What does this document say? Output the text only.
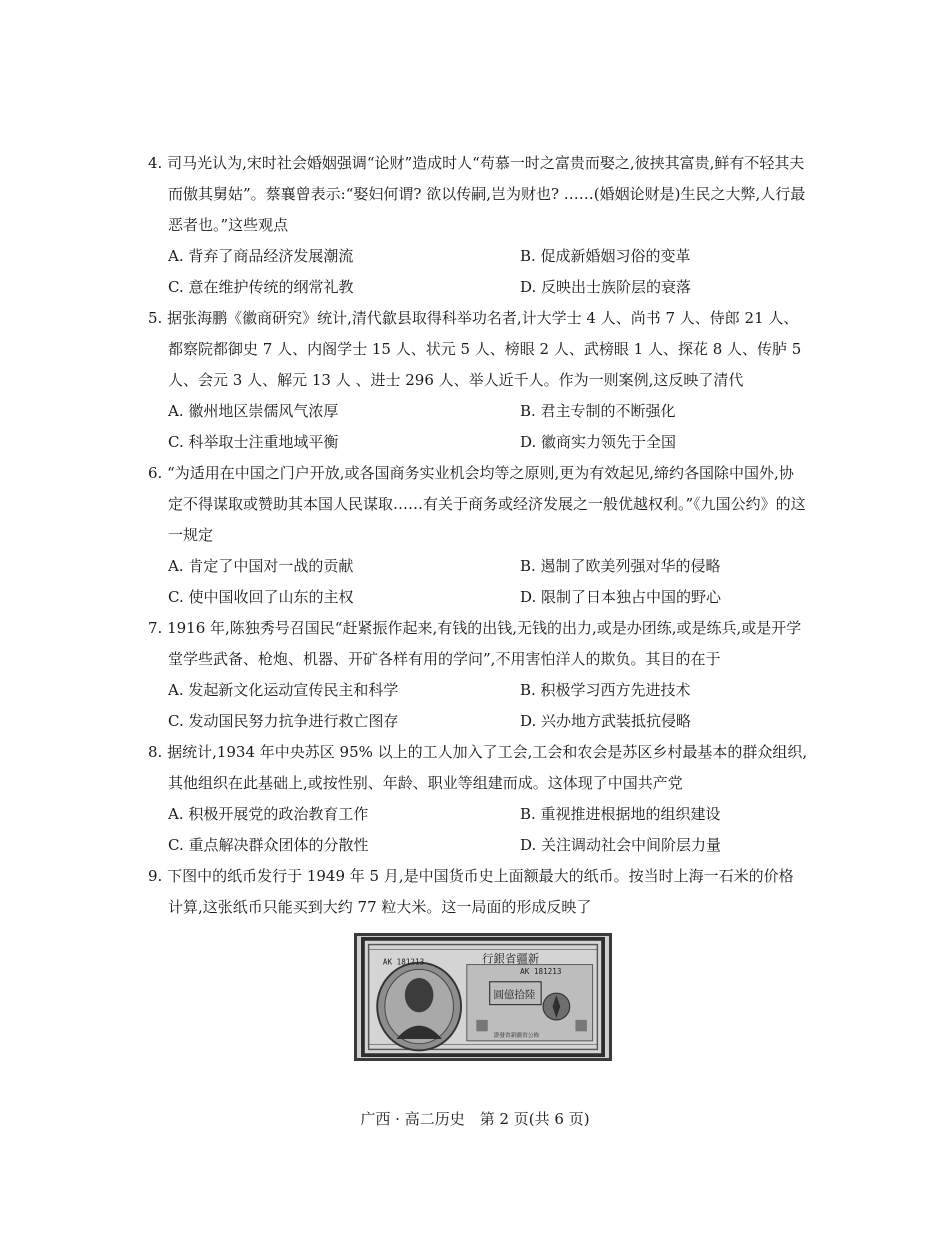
4. 司马光认为,宋时社会婚姻强调“论财”造成时人“苟慕一时之富贵而娶之,彼挟其富贵,鲜有不轻其夫而傲其舅姑”。蔡襄曾表示:“娶妇何谓? 欲以传嗣,岂为财也? ……(婚姻论财是)生民之大弊,人行最恶者也。”这些观点

A. 背弃了商品经济发展潮流	B. 促成新婚姻习俗的变革
C. 意在维护传统的纲常礼教	D. 反映出士族阶层的衰落

5. 据张海鹏《徽商研究》统计,清代歙县取得科举功名者,计大学士 4 人、尚书 7 人、侍郎 21 人、都察院都御史 7 人、内阁学士 15 人、状元 5 人、榜眼 2 人、武榜眼 1 人、探花 8 人、传胪 5 人、会元 3 人、解元 13 人 、进士 296 人、举人近千人。作为一则案例,这反映了清代

A. 徽州地区崇儒风气浓厚	B. 君主专制的不断强化
C. 科举取士注重地域平衡	D. 徽商实力领先于全国

6. “为适用在中国之门户开放,或各国商务实业机会均等之原则,更为有效起见,缔约各国除中国外,协定不得谋取或赞助其本国人民谋取……有关于商务或经济发展之一般优越权利。”《九国公约》的这一规定

A. 肯定了中国对一战的贡献	B. 遏制了欧美列强对华的侵略
C. 使中国收回了山东的主权	D. 限制了日本独占中国的野心

7. 1916 年,陈独秀号召国民“赶紧振作起来,有钱的出钱,无钱的出力,或是办团练,或是练兵,或是开学堂学些武备、枪炮、机器、开矿各样有用的学问”,不用害怕洋人的欺负。其目的在于

A. 发起新文化运动宣传民主和科学	B. 积极学习西方先进技术
C. 发动国民努力抗争进行救亡图存	D. 兴办地方武装抵抗侵略

8. 据统计,1934 年中央苏区 95% 以上的工人加入了工会,工会和农会是苏区乡村最基本的群众组织,其他组织在此基础上,或按性别、年龄、职业等组建而成。这体现了中国共产党

A. 积极开展党的政治教育工作	B. 重视推进根据地的组织建设
C. 重点解决群众团体的分散性	D. 关注调动社会中间阶层力量

9. 下图中的纸币发行于 1949 年 5 月,是中国货币史上面额最大的纸币。按当时上海一石米的价格计算,这张纸币只能买到大约 77 粒大米。这一局面的形成反映了

行銀省疆新
AK 181213
AK 181213
圓億拾陸
證發省新疆省公佈
广西 · 高二历史　第 2 页(共 6 页)
